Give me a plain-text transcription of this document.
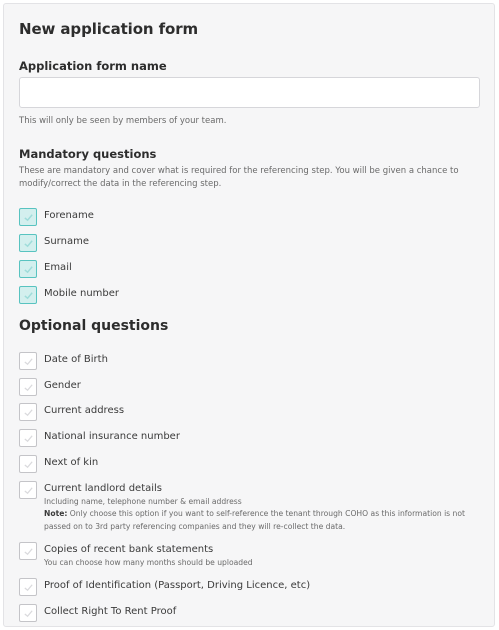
New application form
Application form name
This will only be seen by members of your team.
Mandatory questions
These are mandatory and cover what is required for the referencing step. You will be given a chance to modify/correct the data in the referencing step.
Forename
Surname
Email
Mobile number
Optional questions
Date of Birth
Gender
Current address
National insurance number
Next of kin
Current landlord details
Including name, telephone number & email address
Note: Only choose this option if you want to self-reference the tenant through COHO as this information is not passed on to 3rd party referencing companies and they will re-collect the data.
Copies of recent bank statements
You can choose how many months should be uploaded
Proof of Identification (Passport, Driving Licence, etc)
Collect Right To Rent Proof
